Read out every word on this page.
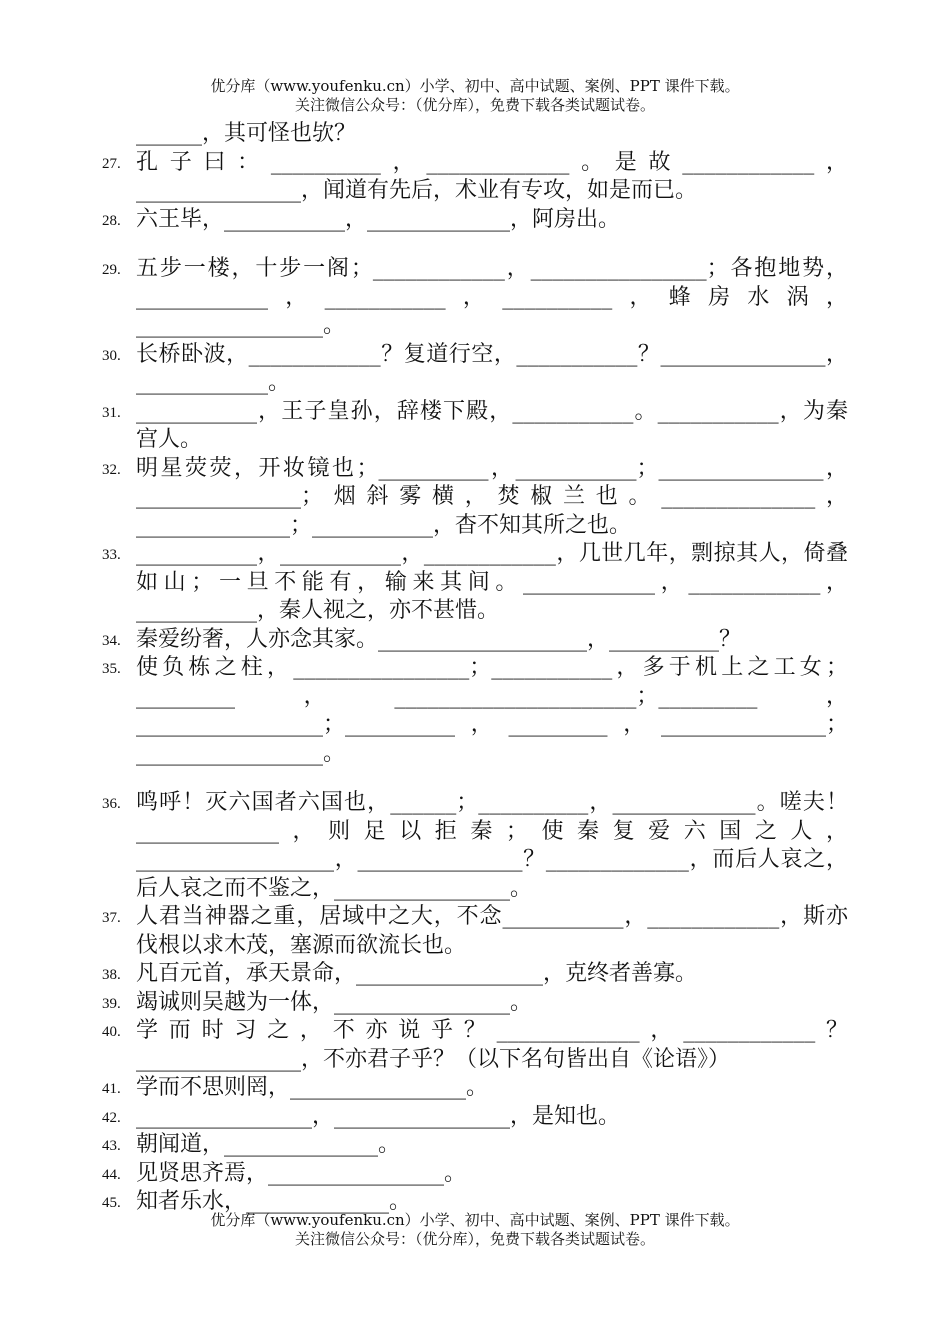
优分库（www.youfenku.cn）小学、初中、高中试题、案例、PPT 课件下载。
关注微信公众号：（优分库），免费下载各类试题试卷。
______，其可怪也欤？
27. 孔子曰：__________，_____________。是故____________，_______________，闻道有先后，术业有专攻，如是而已。
28. 六王毕，___________，_____________，阿房出。
29. 五步一楼，十步一阁；____________，________________；各抱地势，____________，___________，__________，蜂房水涡，_________________。
30. 长桥卧波，____________？复道行空，___________？_______________，____________。
31. ___________，王子皇孙，辞楼下殿，___________。___________，为秦宫人。
32. 明星荧荧，开妆镜也；__________，___________；_______________，_______________；烟斜雾横，焚椒兰也。______________，______________；___________，杳不知其所之也。
33. ___________，___________，____________，几世几年，剽掠其人，倚叠如山；一旦不能有，输来其间。____________，____________，___________，秦人视之，亦不甚惜。
34. 秦爱纷奢，人亦念其家。___________________，__________？
35. 使负栋之柱，________________；___________，多于机上之工女；_________，______________________；_________，_________________；__________，_________，_______________；_________________。
36. 鸣呼！灭六国者六国也，______；__________，_____________。嗟夫！_____________，则足以拒秦；使秦复爱六国之人，__________________，_______________？_____________，而后人哀之，后人哀之而不鉴之，________________。
37. 人君当神器之重，居域中之大，不念___________，____________，斯亦伐根以求木茂，塞源而欲流长也。
38. 凡百元首，承天景命，_________________，克终者善寡。
39. 竭诚则吴越为一体，________________。
40. 学而时习之，不亦说乎？_____________，____________？_______________，不亦君子乎？（以下名句皆出自《论语》）
41. 学而不思则罔，________________。
42. ________________，________________，是知也。
43. 朝闻道，______________。
44. 见贤思齐焉，________________。
45. 知者乐水，_____________。
优分库（www.youfenku.cn）小学、初中、高中试题、案例、PPT 课件下载。
关注微信公众号：（优分库），免费下载各类试题试卷。
